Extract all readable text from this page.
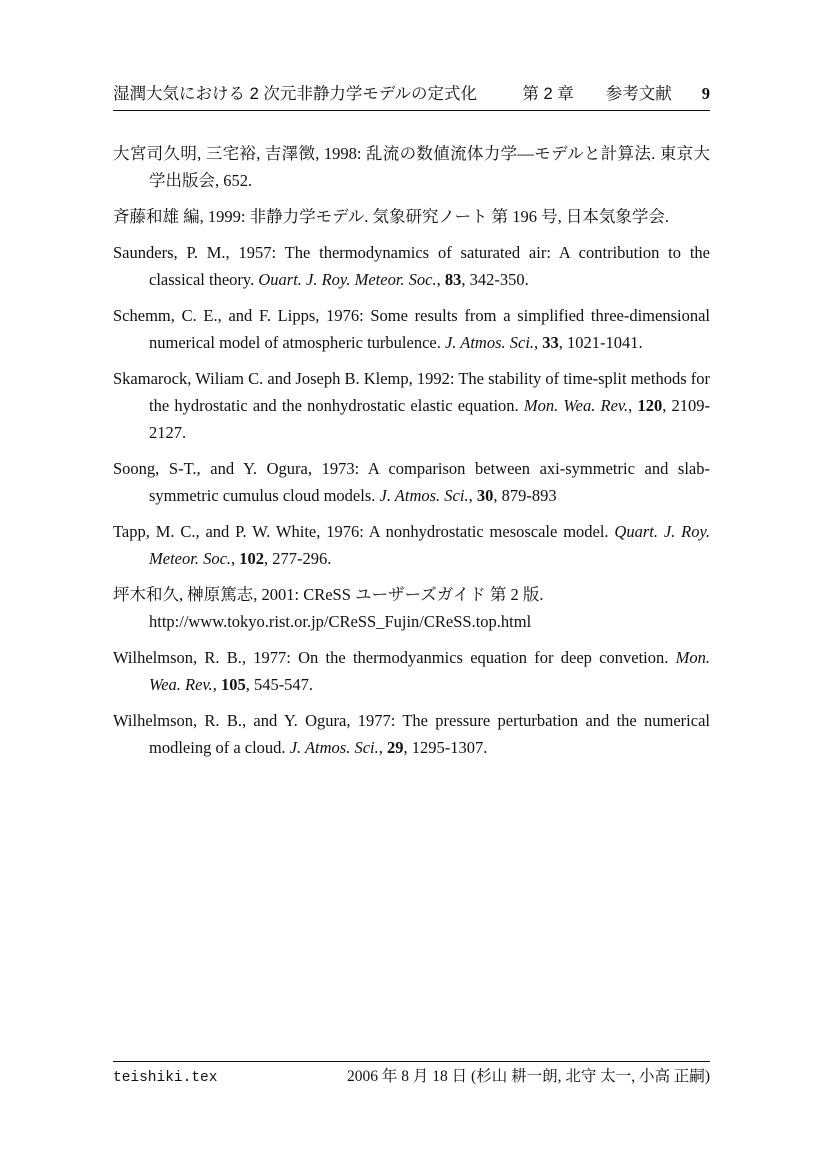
湿潤大気における 2 次元非静力学モデルの定式化	第 2 章 参考文献 9

大宮司久明, 三宅裕, 吉澤徴, 1998: 乱流の数値流体力学—モデルと計算法. 東京大学出版会, 652.

斉藤和雄 編, 1999: 非静力学モデル. 気象研究ノート 第 196 号, 日本気象学会.

Saunders, P. M., 1957: The thermodynamics of saturated air: A contribution to the classical theory. Ouart. J. Roy. Meteor. Soc., 83, 342-350.

Schemm, C. E., and F. Lipps, 1976: Some results from a simplified three-dimensional numerical model of atmospheric turbulence. J. Atmos. Sci., 33, 1021-1041.

Skamarock, Wiliam C. and Joseph B. Klemp, 1992: The stability of time-split methods for the hydrostatic and the nonhydrostatic elastic equation. Mon. Wea. Rev., 120, 2109-2127.

Soong, S-T., and Y. Ogura, 1973: A comparison between axi-symmetric and slab-symmetric cumulus cloud models. J. Atmos. Sci., 30, 879-893

Tapp, M. C., and P. W. White, 1976: A nonhydrostatic mesoscale model. Quart. J. Roy. Meteor. Soc., 102, 277-296.

坪木和久, 榊原篤志, 2001: CReSS ユーザーズガイド 第 2 版.
http://www.tokyo.rist.or.jp/CReSS_Fujin/CReSS.top.html

Wilhelmson, R. B., 1977: On the thermodyanmics equation for deep convetion. Mon. Wea. Rev., 105, 545-547.

Wilhelmson, R. B., and Y. Ogura, 1977: The pressure perturbation and the numerical modleing of a cloud. J. Atmos. Sci., 29, 1295-1307.

teishiki.tex	2006 年 8 月 18 日 (杉山 耕一朗, 北守 太一, 小高 正嗣)
